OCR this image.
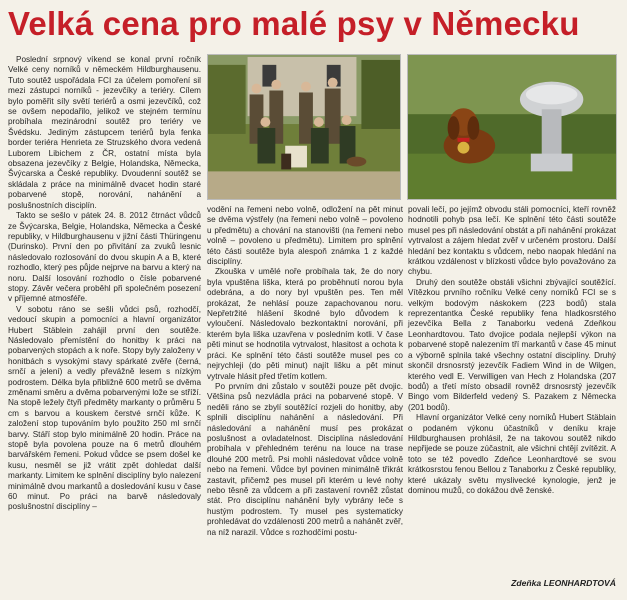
Velká cena pro malé psy v Německu

Poslední srpnový víkend se konal první ročník Velké ceny norníků v německém Hildburghausenu. Tuto soutěž uspořádala FCI za účelem pomoření sil mezi zástupci norníků - jezevčíky a teriéry. Cílem bylo poměřit síly světí teriérů a osmi jezevčíků, což se ovšem nepodařilo, jelikož ve stejném termínu probíhala mezinárodní soutěž pro teriéry ve Švédsku. Jediným zástupcem teriérů byla fenka border teriéra Henrieta ze Struzského dvora vedená Luborem Libichem z ČR, ostatní místa byla obsazena jezevčíky z Belgie, Holandska, Německa, Švýcarska a České republiky. Dvoudenní soutěž se skládala z práce na minimálně dvacet hodin staré pobarvené stopě, norování, nahánění a poslušnostních disciplín.

Takto se sešlo v pátek 24. 8. 2012 čtrnáct vůdců ze Švýcarska, Belgie, Holandska, Německa a České republiky, v Hildburghausenu v jižní části Thüringenu (Durinsko). První den po přivítání za zvuků lesnic následovalo rozlosování do dvou skupin A a B, které rozhodlo, který pes půjde nejprve na barvu a který na noru. Další losování rozhodlo o čísle pobarvené stopy. Závěr večera proběhl při společném posezení v příjemné atmosféře.

V sobotu ráno se sešli vůdci psů, rozhodčí, vedoucí skupin a pomocníci a hlavní organizátor Hubert Stäblein zahájil první den soutěže. Následovalo přemístění do honitby k práci na pobarvených stopách a k noře. Stopy byly založeny v honitbách s vysokými stavy spárkaté zvěře (černá, srnčí a jelení) a vedly převážně lesem s nízkým podrostem. Délka byla přibližně 600 metrů se dvěma změnami směru a dvěma pobarvenými lože se stříží. Na stopě ležely čtyři předměty markanty o průměru 5 cm s barvou a kouskem čerstvé srnčí kůže. K založení stop tupováním bylo použito 250 ml srnčí barvy. Stáří stop bylo minimálně 20 hodin. Práce na stopě byla povolena pouze na 6 metrů dlouhém barvářském řemeni. Pokud vůdce se psem došel ke kusu, nesměl se již vrátit zpět dohledat další markanty. Limitem ke splnění disciplíny bylo nalezení minimálně dvou markantů a dosledování kusu v čase 60 minut. Po práci na barvě následovaly poslušnostní disciplíny –

vodění na řemeni nebo volně, odložení na pět minut se dvěma výstřely (na řemeni nebo volně – povoleno u předmětu) a chování na stanovišti (na řemeni nebo volně – povoleno u předmětu). Limitem pro splnění této části soutěže byla alespoň známka 1 z každé disciplíny.

Zkouška v umělé noře probíhala tak, že do nory byla vpuštěna liška, která po proběhnutí norou byla odebrána, a do nory byl vpuštěn pes. Ten měl prokázat, že nehlásí pouze zapachovanou noru. Nepřetržité hlášení škodné bylo důvodem k vyloučení. Následovalo bezkontaktní norování, při kterém byla liška uzavřena v posledním kotli. V čase pěti minut se hodnotila vytrvalost, hlasitost a ochota k práci. Ke splnění této části soutěže musel pes co nejrychleji (do pěti minut) najít lišku a pět minut vytrvale hlásit před třetím kotlem.

Po prvním dni zůstalo v soutěži pouze pět dvojic. Většina psů nezvládla práci na pobarvené stopě. V neděli ráno se zbylí soutěžící rozjeli do honitby, aby splnili disciplínu nahánění a následování. Při následování a nahánění musí pes prokázat poslušnost a ovladatelnost. Disciplína následování probíhala v přehledném terénu na louce na trase dlouhé 200 metrů. Psi mohli následovat vůdce volně nebo na řemeni. Vůdce byl povinen minimálně třikrát zastavit, přičemž pes musel při kterém u levé nohy nebo těsně za vůdcem a při zastavení rovněž zůstat stát. Pro disciplínu nahánění byly vybrány leče s hustým podrostem. Ty musel pes systematicky prohledávat do vzdálenosti 200 metrů a nahánět zvěř, na níž narazil. Vůdce s rozhodčími postu-

povali lečí, po jejímž obvodu stáli pomocníci, kteří rovněž hodnotili pohyb psa lečí. Ke splnění této části soutěže musel pes při následování obstát a při nahánění prokázat vytrvalost a zájem hledat zvěř v určeném prostoru. Další hledání bez kontaktu s vůdcem, nebo naopak hledání na krátkou vzdálenost v blízkosti vůdce bylo považováno za chybu.

Druhý den soutěže obstáli všichni zbývající soutěžící. Vítězkou prvního ročníku Velké ceny norníků FCI se s velkým bodovým náskokem (223 bodů) stala reprezentantka České republiky fena hladkosrstého jezevčíka Bella z Tanaborku vedená Zdeňkou Leonhardtovou. Tato dvojice podala nejlepší výkon na pobarvené stopě nalezením tří markantů v čase 45 minut a výborně splnila také všechny ostatní disciplíny. Druhý skončil drsnosrstý jezevčík Fadiem Wind in de Wilgen, kterého vedl E. Verwilligen van Hech z Holandska (207 bodů) a třetí místo obsadil rovněž drsnosrstý jezevčík Bingo vom Bilderfeld vedený S. Pazakem z Německa (201 bodů).

Hlavní organizátor Velké ceny norníků Hubert Stäblain o podaném výkonu účastníků v deníku kraje Hildburghausen prohlásil, že na takovou soutěž nikdo nepřijede se pouze zúčastnit, ale všichni chtějí zvítězit. A toto se též povedlo Zdeňce Leonhardtové se svou krátkosrstou fenou Bellou z Tanaborku z České republiky, které ukázaly světu myslivecké kynologie, jenž je dominou mužů, co dokážou dvě ženské.

Zdeňka LEONHARDTOVÁ
